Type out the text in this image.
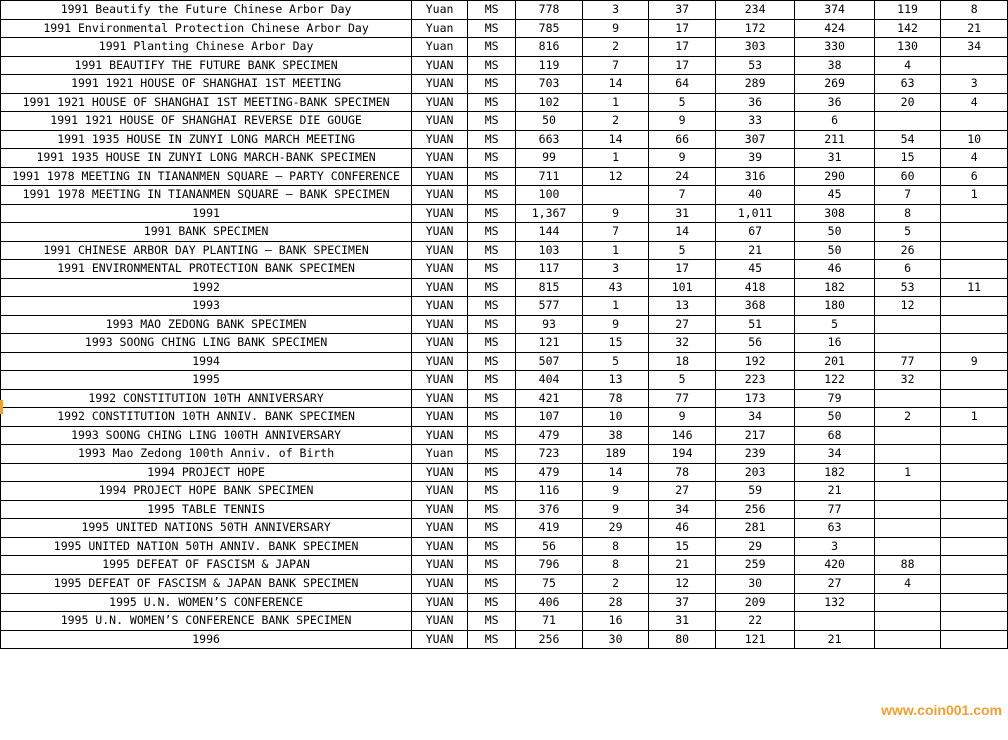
1991 Beautify the Future Chinese Arbor Day	Yuan	MS	778	3	37	234	374	119	8
1991 Environmental Protection Chinese Arbor Day	Yuan	MS	785	9	17	172	424	142	21
1991 Planting Chinese Arbor Day	Yuan	MS	816	2	17	303	330	130	34
1991 BEAUTIFY THE FUTURE BANK SPECIMEN	YUAN	MS	119	7	17	53	38	4	
1991 1921 HOUSE OF SHANGHAI 1ST MEETING	YUAN	MS	703	14	64	289	269	63	3
1991 1921 HOUSE OF SHANGHAI 1ST MEETING-BANK SPECIMEN	YUAN	MS	102	1	5	36	36	20	4
1991 1921 HOUSE OF SHANGHAI REVERSE DIE GOUGE	YUAN	MS	50	2	9	33	6		
1991 1935 HOUSE IN ZUNYI LONG MARCH MEETING	YUAN	MS	663	14	66	307	211	54	10
1991 1935 HOUSE IN ZUNYI LONG MARCH-BANK SPECIMEN	YUAN	MS	99	1	9	39	31	15	4
1991 1978 MEETING IN TIANANMEN SQUARE – PARTY CONFERENCE	YUAN	MS	711	12	24	316	290	60	6
1991 1978 MEETING IN TIANANMEN SQUARE – BANK SPECIMEN	YUAN	MS	100		7	40	45	7	1
1991	YUAN	MS	1,367	9	31	1,011	308	8	
1991 BANK SPECIMEN	YUAN	MS	144	7	14	67	50	5	
1991 CHINESE ARBOR DAY PLANTING – BANK SPECIMEN	YUAN	MS	103	1	5	21	50	26	
1991 ENVIRONMENTAL PROTECTION BANK SPECIMEN	YUAN	MS	117	3	17	45	46	6	
1992	YUAN	MS	815	43	101	418	182	53	11
1993	YUAN	MS	577	1	13	368	180	12	
1993 MAO ZEDONG BANK SPECIMEN	YUAN	MS	93	9	27	51	5		
1993 SOONG CHING LING BANK SPECIMEN	YUAN	MS	121	15	32	56	16		
1994	YUAN	MS	507	5	18	192	201	77	9
1995	YUAN	MS	404	13	5	223	122	32	
1992 CONSTITUTION 10TH ANNIVERSARY	YUAN	MS	421	78	77	173	79		
1992 CONSTITUTION 10TH ANNIV. BANK SPECIMEN	YUAN	MS	107	10	9	34	50	2	1
1993 SOONG CHING LING 100TH ANNIVERSARY	YUAN	MS	479	38	146	217	68		
1993 Mao Zedong 100th Anniv. of Birth	Yuan	MS	723	189	194	239	34		
1994 PROJECT HOPE	YUAN	MS	479	14	78	203	182	1	
1994 PROJECT HOPE BANK SPECIMEN	YUAN	MS	116	9	27	59	21		
1995 TABLE TENNIS	YUAN	MS	376	9	34	256	77		
1995 UNITED NATIONS 50TH ANNIVERSARY	YUAN	MS	419	29	46	281	63		
1995 UNITED NATION 50TH ANNIV. BANK SPECIMEN	YUAN	MS	56	8	15	29	3		
1995 DEFEAT OF FASCISM & JAPAN	YUAN	MS	796	8	21	259	420	88	
1995 DEFEAT OF FASCISM & JAPAN BANK SPECIMEN	YUAN	MS	75	2	12	30	27	4	
1995 U.N. WOMEN’S CONFERENCE	YUAN	MS	406	28	37	209	132		
1995 U.N. WOMEN’S CONFERENCE BANK SPECIMEN	YUAN	MS	71	16	31	22			
1996	YUAN	MS	256	30	80	121	21		
www.coin001.com
